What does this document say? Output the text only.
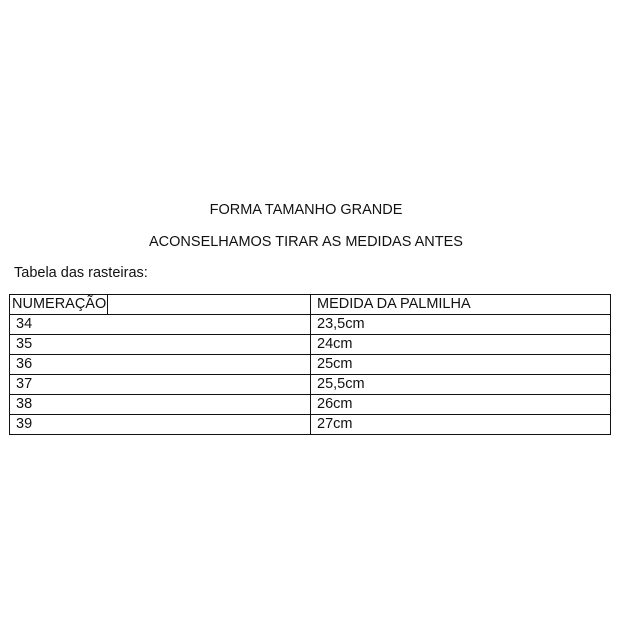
FORMA TAMANHO GRANDE
ACONSELHAMOS TIRAR AS MEDIDAS ANTES
Tabela das rasteiras:
NUMERAÇÃO	MEDIDA DA PALMILHA
34	23,5cm
35	24cm
36	25cm
37	25,5cm
38	26cm
39	27cm
